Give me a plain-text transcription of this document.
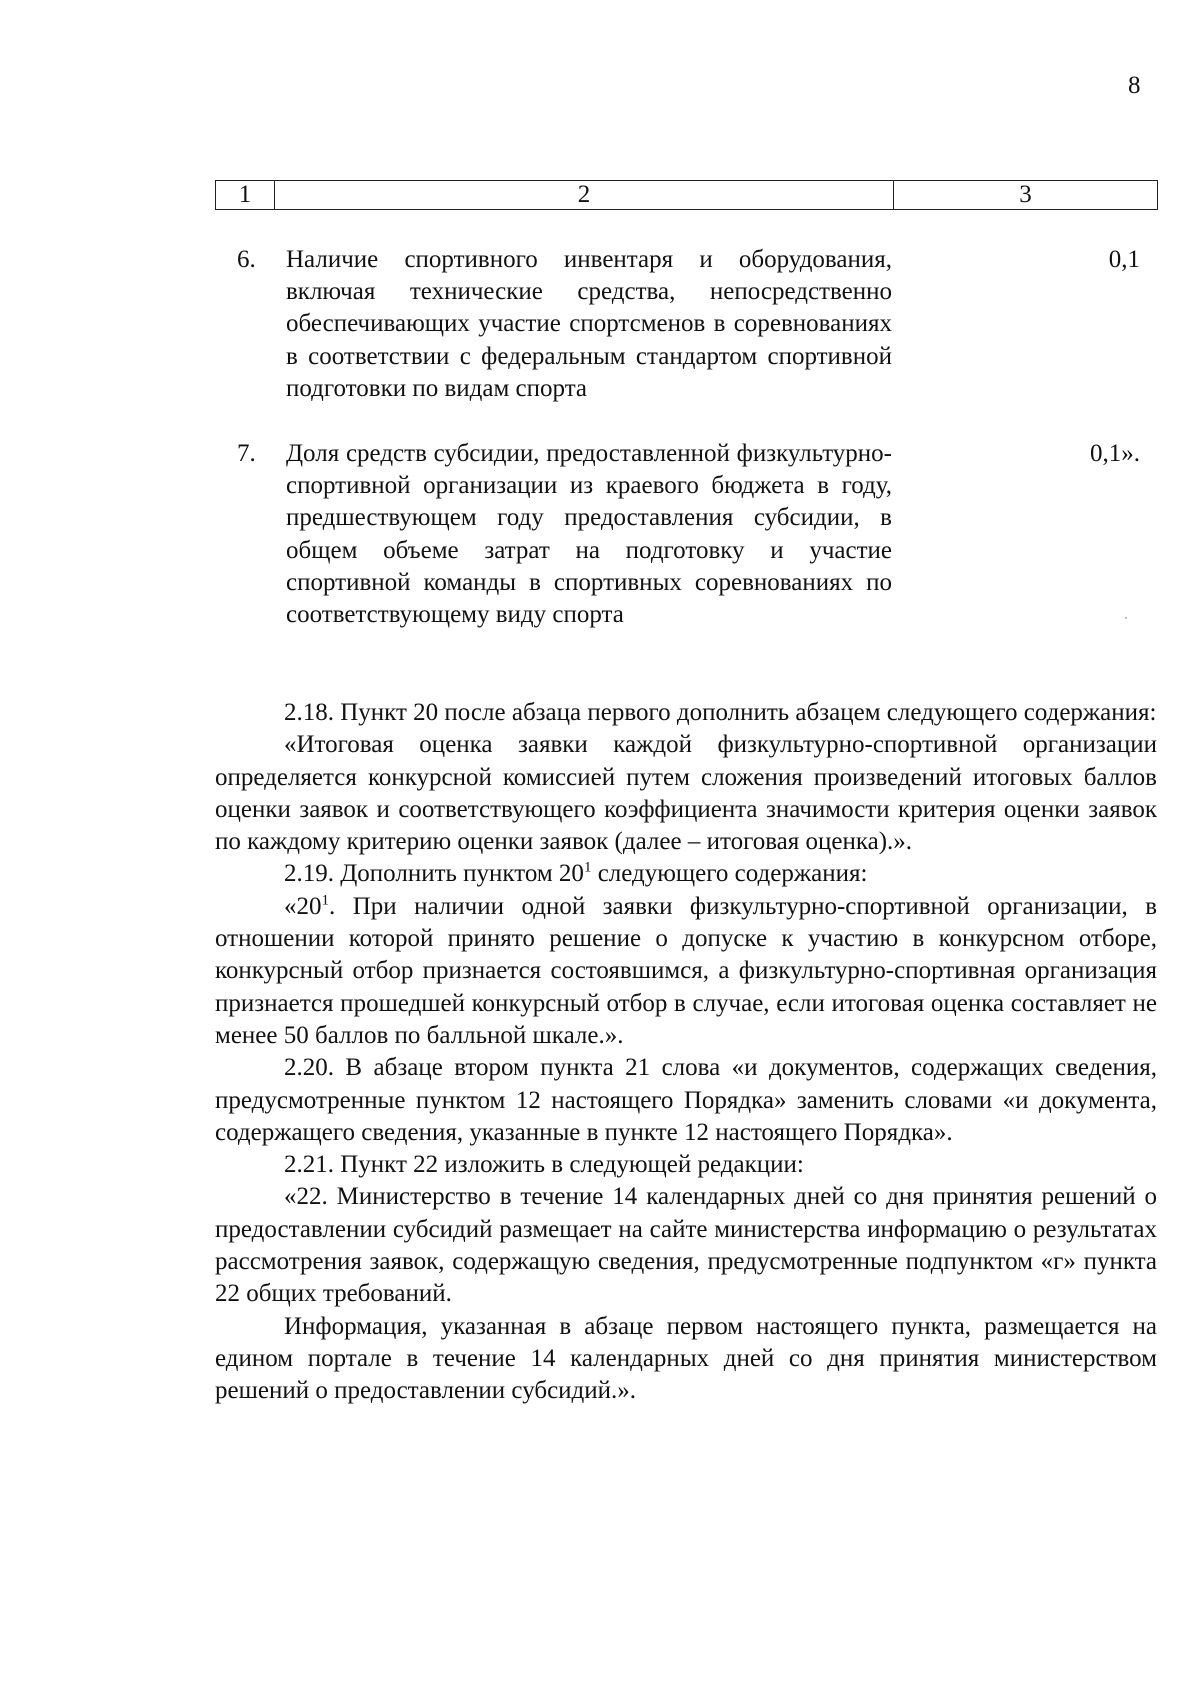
8
1	2	3
6. Наличие спортивного инвентаря и оборудования, включая технические средства, непосредственно обеспечивающих участие спортсменов в соревнованиях в соответствии с федеральным стандартом спортивной подготовки по видам спорта
0,1
7. Доля средств субсидии, предоставленной физкультурно-спортивной организации из краевого бюджета в году, предшествующем году предоставления субсидии, в общем объеме затрат на подготовку и участие спортивной команды в спортивных соревнованиях по соответствующему виду спорта
0,1».

2.18. Пункт 20 после абзаца первого дополнить абзацем следующего содержания:

«Итоговая оценка заявки каждой физкультурно-спортивной организации определяется конкурсной комиссией путем сложения произведений итоговых баллов оценки заявок и соответствующего коэффициента значимости критерия оценки заявок по каждому критерию оценки заявок (далее – итоговая оценка).».

2.19. Дополнить пунктом $20^1$ следующего содержания:

«$20^1$. При наличии одной заявки физкультурно-спортивной организации, в отношении которой принято решение о допуске к участию в конкурсном отборе, конкурсный отбор признается состоявшимся, а физкультурно-спортивная организация признается прошедшей конкурсный отбор в случае, если итоговая оценка составляет не менее 50 баллов по балльной шкале.».

2.20. В абзаце втором пункта 21 слова «и документов, содержащих сведения, предусмотренные пунктом 12 настоящего Порядка» заменить словами «и документа, содержащего сведения, указанные в пункте 12 настоящего Порядка».

2.21. Пункт 22 изложить в следующей редакции:

«22. Министерство в течение 14 календарных дней со дня принятия решений о предоставлении субсидий размещает на сайте министерства информацию о результатах рассмотрения заявок, содержащую сведения, предусмотренные подпунктом «г» пункта 22 общих требований.

Информация, указанная в абзаце первом настоящего пункта, размещается на едином портале в течение 14 календарных дней со дня принятия министерством решений о предоставлении субсидий.».
